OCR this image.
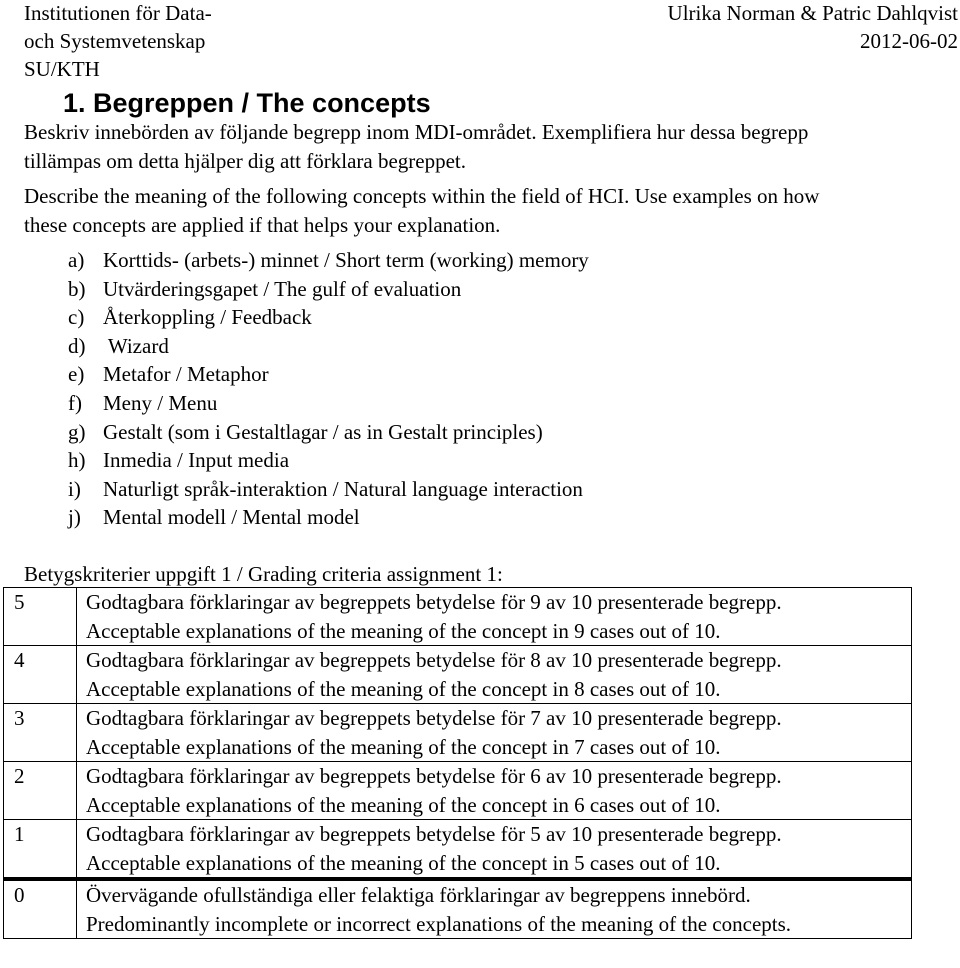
Institutionen för Data-
och Systemvetenskap
SU/KTH
Ulrika Norman & Patric Dahlqvist
2012-06-02
1. Begreppen / The concepts
Beskriv innebörden av följande begrepp inom MDI-området. Exemplifiera hur dessa begrepp
tillämpas om detta hjälper dig att förklara begreppet.
Describe the meaning of the following concepts within the field of HCI. Use examples on how
these concepts are applied if that helps your explanation.
a) Korttids- (arbets-) minnet / Short term (working) memory
b) Utvärderingsgapet / The gulf of evaluation
c) Återkoppling / Feedback
d) Wizard
e) Metafor / Metaphor
f) Meny / Menu
g) Gestalt (som i Gestaltlagar / as in Gestalt principles)
h) Inmedia / Input media
i) Naturligt språk-interaktion / Natural language interaction
j) Mental modell / Mental model
Betygskriterier uppgift 1 / Grading criteria assignment 1:
5	Godtagbara förklaringar av begreppets betydelse för 9 av 10 presenterade begrepp.
Acceptable explanations of the meaning of the concept in 9 cases out of 10.

4	Godtagbara förklaringar av begreppets betydelse för 8 av 10 presenterade begrepp.
Acceptable explanations of the meaning of the concept in 8 cases out of 10.

3	Godtagbara förklaringar av begreppets betydelse för 7 av 10 presenterade begrepp.
Acceptable explanations of the meaning of the concept in 7 cases out of 10.

2	Godtagbara förklaringar av begreppets betydelse för 6 av 10 presenterade begrepp.
Acceptable explanations of the meaning of the concept in 6 cases out of 10.

1	Godtagbara förklaringar av begreppets betydelse för 5 av 10 presenterade begrepp.
Acceptable explanations of the meaning of the concept in 5 cases out of 10.

0	Övervägande ofullständiga eller felaktiga förklaringar av begreppens innebörd.
Predominantly incomplete or incorrect explanations of the meaning of the concepts.
